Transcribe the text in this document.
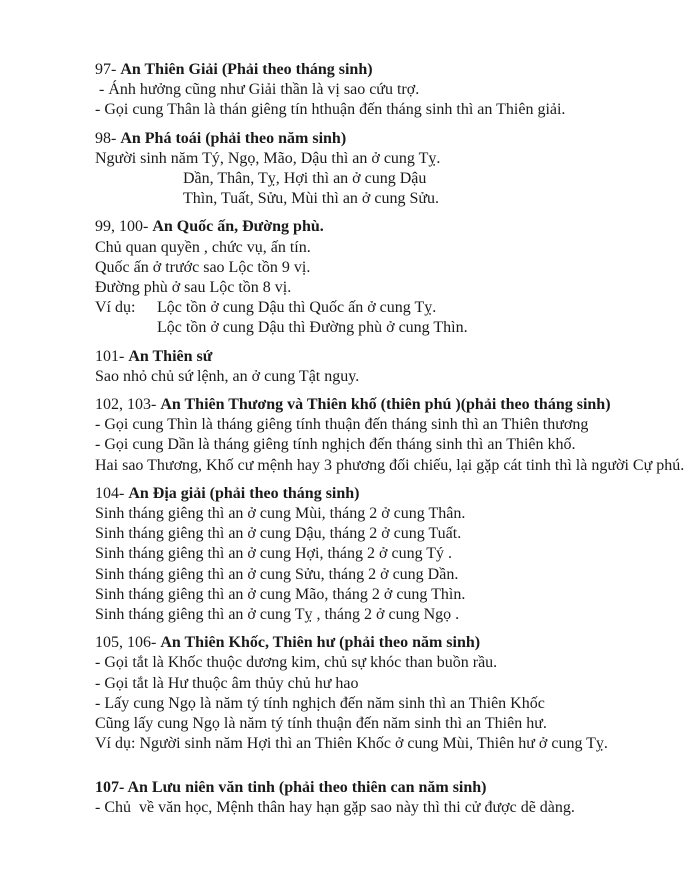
97- An Thiên Giải (Phải theo tháng sinh)
- Ánh hưởng cũng như Giải thần là vị sao cứu trợ.
- Gọi cung Thân là thán giêng tín hthuận đến tháng sinh thì an Thiên giải.
98- An Phá toái (phải theo năm sinh)
Người sinh năm Tý, Ngọ, Mão, Dậu thì an ở cung Tỵ.
Dần, Thân, Tỵ, Hợi thì an ở cung Dậu
Thìn, Tuất, Sửu, Mùi thì an ở cung Sửu.
99, 100- An Quốc ấn, Đường phù.
Chủ quan quyền , chức vụ, ấn tín.
Quốc ấn ở trước sao Lộc tồn 9 vị.
Đường phù ở sau Lộc tồn 8 vị.
Ví dụ: Lộc tồn ở cung Dậu thì Quốc ấn ở cung Tỵ.
Lộc tồn ở cung Dậu thì Đường phù ở cung Thìn.
101- An Thiên sứ
Sao nhỏ chủ sứ lệnh, an ở cung Tật nguy.
102, 103- An Thiên Thương và Thiên khố (thiên phú )(phải theo tháng sinh)
- Gọi cung Thìn là tháng giêng tính thuận đến tháng sinh thì an Thiên thương
- Gọi cung Dần là tháng giêng tính nghịch đến tháng sinh thì an Thiên khố.
Hai sao Thương, Khố cư mệnh hay 3 phương đối chiếu, lại gặp cát tinh thì là người Cự phú.
104- An Địa giải (phải theo tháng sinh)
Sinh tháng giêng thì an ở cung Mùi, tháng 2 ở cung Thân.
Sinh tháng giêng thì an ở cung Dậu, tháng 2 ở cung Tuất.
Sinh tháng giêng thì an ở cung Hợi, tháng 2 ở cung Tý .
Sinh tháng giêng thì an ở cung Sửu, tháng 2 ở cung Dần.
Sinh tháng giêng thì an ở cung Mão, tháng 2 ở cung Thìn.
Sinh tháng giêng thì an ở cung Tỵ , tháng 2 ở cung Ngọ .
105, 106- An Thiên Khốc, Thiên hư (phải theo năm sinh)
- Gọi tắt là Khốc thuộc dương kim, chủ sự khóc than buồn rầu.
- Gọi tắt là Hư thuộc âm thủy chủ hư hao
- Lấy cung Ngọ là năm tý tính nghịch đến năm sinh thì an Thiên Khốc
Cũng lấy cung Ngọ là năm tý tính thuận đến năm sinh thì an Thiên hư.
Ví dụ: Người sinh năm Hợi thì an Thiên Khốc ở cung Mùi, Thiên hư ở cung Tỵ.
107- An Lưu niên văn tinh (phải theo thiên can năm sinh)
- Chủ  về văn học, Mệnh thân hay hạn gặp sao này thì thi cử được dẽ dàng.
